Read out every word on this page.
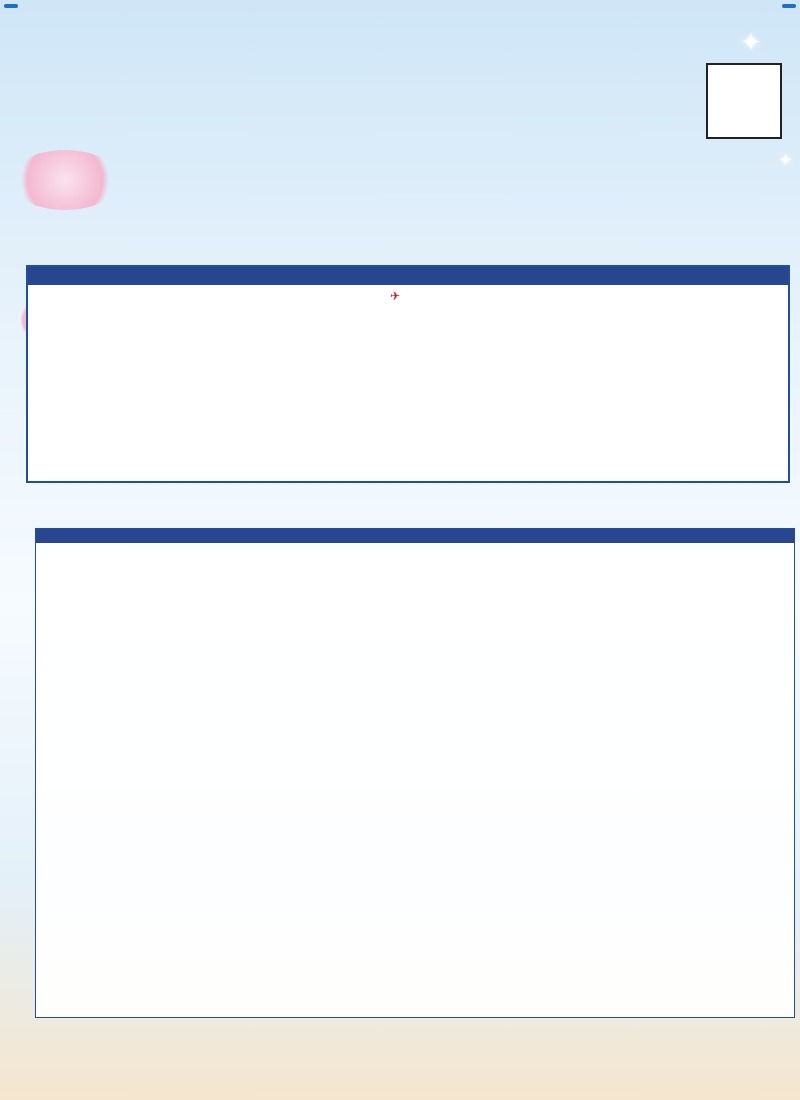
✦
✦
✈
